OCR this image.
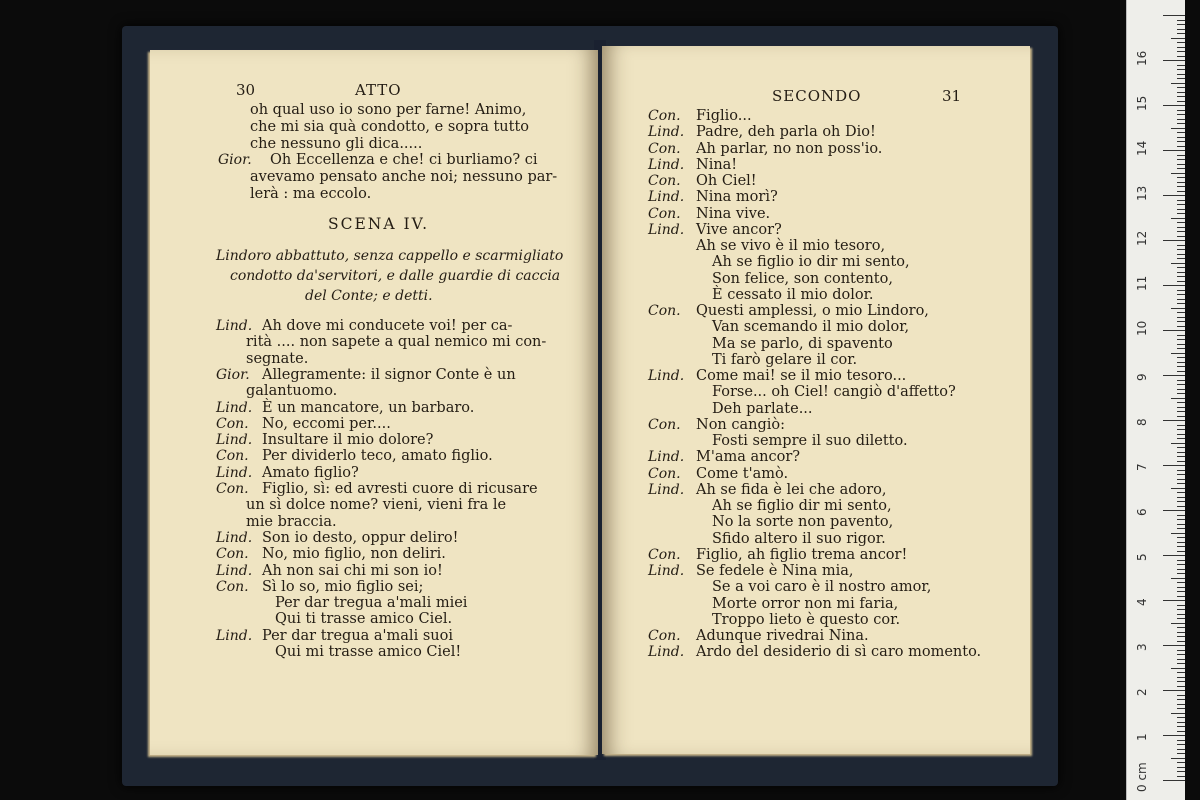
30	ATTO
oh qual uso io sono per farne! Animo,
che mi sia quà condotto, e sopra tutto
che nessuno gli dica.....
Gior. Oh Eccellenza e che! ci burliamo? ci
avevamo pensato anche noi; nessuno par-
lerà : ma eccolo.
SCENA IV.
Lindoro abbattuto, senza cappello e scarmigliato
condotto da'servitori, e dalle guardie di caccia
del Conte; e detti.
Lind. Ah dove mi conducete voi! per ca-
rità .... non sapete a qual nemico mi con-
segnate.
Gior. Allegramente: il signor Conte è un
galantuomo.
Lind. È un mancatore, un barbaro.
Con. No, eccomi per....
Lind. Insultare il mio dolore?
Con. Per dividerlo teco, amato figlio.
Lind. Amato figlio?
Con. Figlio, sì: ed avresti cuore di ricusare
un sì dolce nome? vieni, vieni fra le
mie braccia.
Lind. Son io desto, oppur deliro!
Con. No, mio figlio, non deliri.
Lind. Ah non sai chi mi son io!
Con. Sì lo so, mio figlio sei;
Per dar tregua a'mali miei
Qui ti trasse amico Ciel.
Lind. Per dar tregua a'mali suoi
Qui mi trasse amico Ciel!
SECONDO	31
Con. Figlio...
Lind. Padre, deh parla oh Dio!
Con. Ah parlar, no non poss'io.
Lind. Nina!
Con. Oh Ciel!
Lind. Nina morì?
Con. Nina vive.
Lind. Vive ancor?
Ah se vivo è il mio tesoro,
Ah se figlio io dir mi sento,
Son felice, son contento,
È cessato il mio dolor.
Con. Questi amplessi, o mio Lindoro,
Van scemando il mio dolor,
Ma se parlo, di spavento
Ti farò gelare il cor.
Lind. Come mai! se il mio tesoro...
Forse... oh Ciel! cangiò d'affetto?
Deh parlate...
Con. Non cangiò:
Fosti sempre il suo diletto.
Lind. M'ama ancor?
Con. Come t'amò.
Lind. Ah se fida è lei che adoro,
Ah se figlio dir mi sento,
No la sorte non pavento,
Sfido altero il suo rigor.
Con. Figlio, ah figlio trema ancor!
Lind. Se fedele è Nina mia,
Se a voi caro è il nostro amor,
Morte orror non mi faria,
Troppo lieto è questo cor.
Con. Adunque rivedrai Nina.
Lind. Ardo del desiderio di sì caro momento.
0 cm
1
2
3
4
5
6
7
8
9
10
11
12
13
14
15
16
